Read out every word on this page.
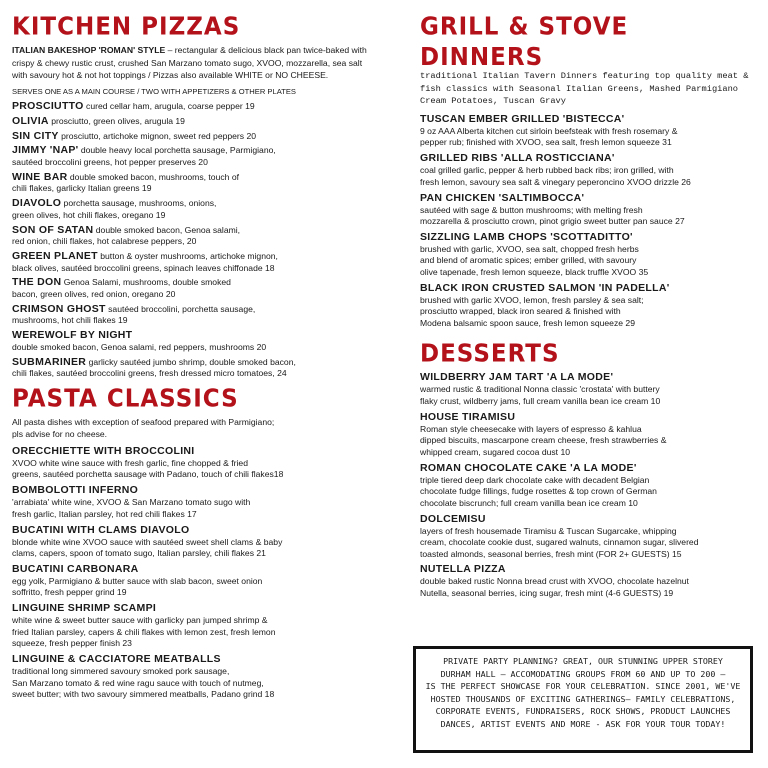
KITCHEN PIZZAS
ITALIAN BAKESHOP 'ROMAN' STYLE – rectangular & delicious black pan twice-baked with crispy & chewy rustic crust, crushed San Marzano tomato sugo, XVOO, mozzarella, sea salt with savoury hot & not hot toppings / Pizzas also available WHITE or NO CHEESE.
SERVES ONE AS A MAIN COURSE / TWO WITH APPETIZERS & OTHER PLATES
PROSCIUTTO cured cellar ham, arugula, coarse pepper 19
OLIVIA prosciutto, green olives, arugula 19
SIN CITY prosciutto, artichoke mignon, sweet red peppers 20
JIMMY 'NAP' double heavy local porchetta sausage, Parmigiano,
sautéed broccolini greens, hot pepper preserves 20
WINE BAR double smoked bacon, mushrooms, touch of
chili flakes, garlicky Italian greens 19
DIAVOLO porchetta sausage, mushrooms, onions,
green olives, hot chili flakes, oregano 19
SON OF SATAN double smoked bacon, Genoa salami,
red onion, chili flakes, hot calabrese peppers, 20
GREEN PLANET button & oyster mushrooms, artichoke mignon,
black olives, sautéed broccolini greens, spinach leaves chiffonade 18
THE DON Genoa Salami, mushrooms, double smoked
bacon, green olives, red onion, oregano 20
CRIMSON GHOST sautéed broccolini, porchetta sausage,
mushrooms, hot chili flakes 19
WEREWOLF BY NIGHT
double smoked bacon, Genoa salami, red peppers, mushrooms 20
SUBMARINER garlicky sautéed jumbo shrimp, double smoked bacon,
chili flakes, sautéed broccolini greens, fresh dressed micro tomatoes, 24
PASTA CLASSICS
All pasta dishes with exception of seafood prepared with Parmigiano;
pls advise for no cheese.
ORECCHIETTE WITH BROCCOLINI
XVOO white wine sauce with fresh garlic, fine chopped & fried
greens, sautéed porchetta sausage with Padano, touch of chili flakes18
BOMBOLOTTI INFERNO
'arrabiata' white wine, XVOO & San Marzano tomato sugo with
fresh garlic, Italian parsley, hot red chili flakes 17
BUCATINI WITH CLAMS DIAVOLO
blonde white wine XVOO sauce with sautéed sweet shell clams & baby
clams, capers, spoon of tomato sugo, Italian parsley, chili flakes 21
BUCATINI CARBONARA
egg yolk, Parmigiano & butter sauce with slab bacon, sweet onion
soffritto, fresh pepper grind 19
LINGUINE SHRIMP SCAMPI
white wine & sweet butter sauce with garlicky pan jumped shrimp &
fried Italian parsley, capers & chili flakes with lemon zest, fresh lemon
squeeze, fresh pepper finish 23
LINGUINE & CACCIATORE MEATBALLS
traditional long simmered savoury smoked pork sausage,
San Marzano tomato & red wine ragu sauce with touch of nutmeg,
sweet butter; with two savoury simmered meatballs, Padano grind 18
GRILL & STOVE DINNERS
traditional Italian Tavern Dinners featuring top quality meat &
fish classics with Seasonal Italian Greens, Mashed Parmigiano
Cream Potatoes, Tuscan Gravy
TUSCAN EMBER GRILLED 'BISTECCA'
9 oz AAA Alberta kitchen cut sirloin beefsteak with fresh rosemary &
pepper rub; finished with XVOO, sea salt, fresh lemon squeeze 31
GRILLED RIBS 'ALLA ROSTICCIANA'
coal grilled garlic, pepper & herb rubbed back ribs; iron grilled, with
fresh lemon, savoury sea salt & vinegary peperoncino XVOO drizzle 26
PAN CHICKEN 'SALTIMBOCCA'
sautéed with sage & button mushrooms; with melting fresh
mozzarella & prosciutto crown, pinot grigio sweet butter pan sauce 27
SIZZLING LAMB CHOPS 'SCOTTADITTO'
brushed with garlic, XVOO, sea salt, chopped fresh herbs
and blend of aromatic spices; ember grilled, with savoury
olive tapenade, fresh lemon squeeze, black truffle XVOO 35
BLACK IRON CRUSTED SALMON 'IN PADELLA'
brushed with garlic XVOO, lemon, fresh parsley & sea salt;
prosciutto wrapped, black iron seared & finished with
Modena balsamic spoon sauce, fresh lemon squeeze 29
DESSERTS
WILDBERRY JAM TART 'A LA MODE'
warmed rustic & traditional Nonna classic 'crostata' with buttery
flaky crust, wildberry jams, full cream vanilla bean ice cream 10
HOUSE TIRAMISU
Roman style cheesecake with layers of espresso & kahlua
dipped biscuits, mascarpone cream cheese, fresh strawberries &
whipped cream, sugared cocoa dust 10
ROMAN CHOCOLATE CAKE 'A LA MODE'
triple tiered deep dark chocolate cake with decadent Belgian
chocolate fudge fillings, fudge rosettes & top crown of German
chocolate biscrunch; full cream vanilla bean ice cream 10
DOLCEMISU
layers of fresh housemade Tiramisu & Tuscan Sugarcake, whipping
cream, chocolate cookie dust, sugared walnuts, cinnamon sugar, slivered
toasted almonds, seasonal berries, fresh mint (FOR 2+ GUESTS) 15
NUTELLA PIZZA
double baked rustic Nonna bread crust with XVOO, chocolate hazelnut
Nutella, seasonal berries, icing sugar, fresh mint (4-6 GUESTS) 19
PRIVATE PARTY PLANNING? GREAT, OUR STUNNING UPPER STOREY
DURHAM HALL – ACCOMODATING GROUPS FROM 60 AND UP TO 200 –
IS THE PERFECT SHOWCASE FOR YOUR CELEBRATION. SINCE 2001, WE'VE
HOSTED THOUSANDS OF EXCITING GATHERINGS– FAMILY CELEBRATIONS,
CORPORATE EVENTS, FUNDRAISERS, ROCK SHOWS, PRODUCT LAUNCHES
DANCES, ARTIST EVENTS AND MORE - ASK FOR YOUR TOUR TODAY!
